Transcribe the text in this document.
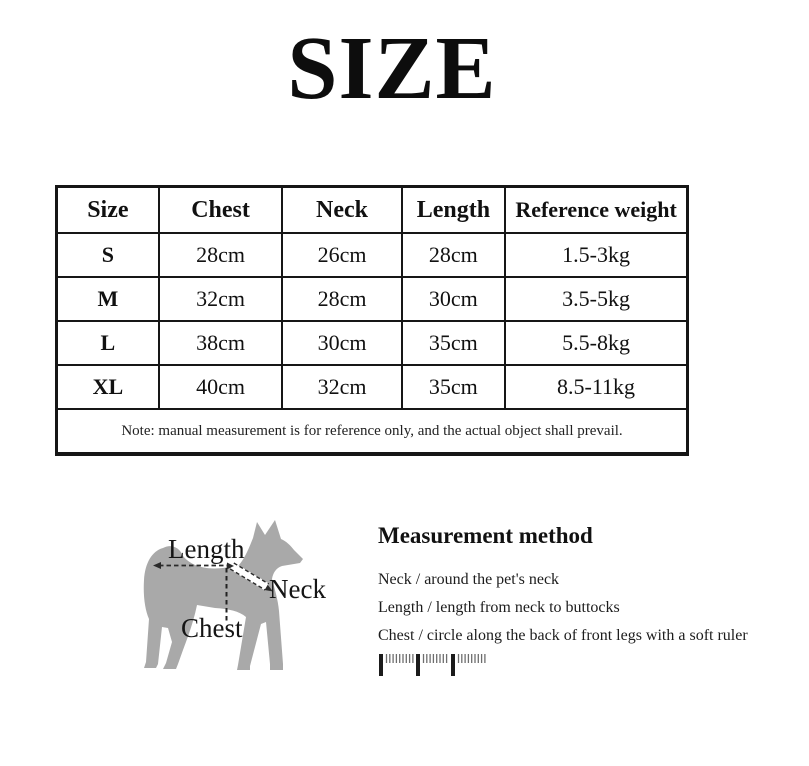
SIZE
Size	Chest	Neck	Length	Reference weight
S	28cm	26cm	28cm	1.5-3kg
M	32cm	28cm	30cm	3.5-5kg
L	38cm	30cm	35cm	5.5-8kg
XL	40cm	32cm	35cm	8.5-11kg
Note: manual measurement is for reference only, and the actual object shall prevail.				

Length

Neck

Chest

Measurement method

Neck / around the pet's neck

Length / length from neck to buttocks

Chest / circle along the back of front legs with a soft ruler
